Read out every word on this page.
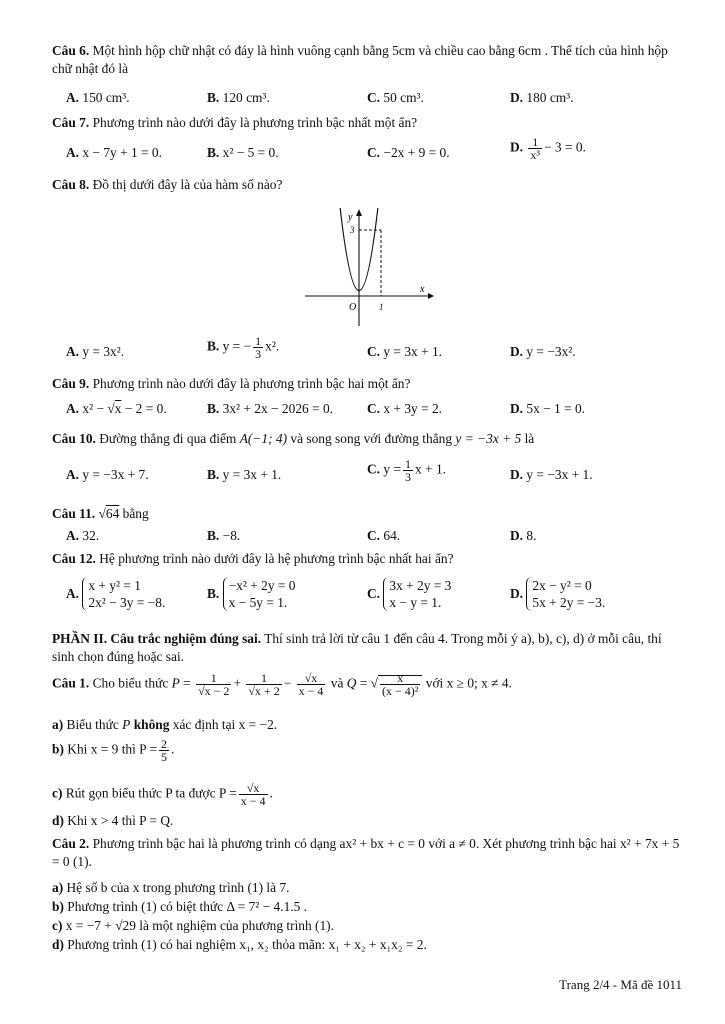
Câu 6. Một hình hộp chữ nhật có đáy là hình vuông cạnh bằng 5cm và chiều cao bằng 6cm . Thể tích của hình hộp chữ nhật đó là
A. 150 cm³.	B. 120 cm³.	C. 50 cm³.	D. 180 cm³.
Câu 7. Phương trình nào dưới đây là phương trình bậc nhất một ẩn?
A. x − 7y + 1 = 0.	B. x² − 5 = 0.	C. −2x + 9 = 0.	D. $\frac{1}{\text{x³}} - 3 = 0$.
Câu 8. Đồ thị dưới đây là của hàm số nào?
y
3
x
O	1
A. y = 3x².	B. y = − $\frac{1}{3} x^2$.	C. y = 3x + 1.	D. y = −3x².
Câu 9. Phương trình nào dưới đây là phương trình bậc hai một ẩn?
A. x² − √x − 2 = 0.	B. 3x² + 2x − 2026 = 0.	C. x + 3y = 2.	D. 5x − 1 = 0.
Câu 10. Đường thẳng đi qua điểm A(−1; 4) và song song với đường thẳng y = −3x + 5 là
A. y = −3x + 7.	B. y = 3x + 1.	C. $y = \frac{1}{3}$ x + 1.	D. y = −3x + 1.
Câu 11. √64 bằng
A. 32.	B. −8.	C. 64.	D. 8.
Câu 12. Hệ phương trình nào dưới đây là hệ phương trình bậc nhất hai ẩn?
A. x + y² = 1
2x² − 3y = −8.
B. −x² + 2y = 0
x − 5y = 1.
C. 3x + 2y = 3
x − y = 1.
D. 2x − y² = 0
5x + 2y = −3.
PHẦN II. Câu trắc nghiệm đúng sai. Thí sinh trả lời từ câu 1 đến câu 4. Trong mỗi ý a), b), c), d) ở mỗi câu, thí sinh chọn đúng hoặc sai.
Câu 1. Cho biểu thức $P = \frac{1}{√x - 2} + \frac{1}{√x + 2} - \frac{√x}{x - 4}$ và Q = √ $\frac{x}{\text{(x − 4)²}}$ với x ≥ 0; x ≠ 4.
a) Biểu thức P không xác định tại x = −2.
b) Khi x = 9 thì $P = \frac{2}{5}$ .
c) Rút gọn biểu thức P ta được $P = \frac{√x}{x - 4}$ .
d) Khi x > 4 thì P = Q.
Câu 2. Phương trình bậc hai là phương trình có dạng ax² + bx + c = 0 với a ≠ 0. Xét phương trình bậc hai x² + 7x + 5 = 0 (1).
a) Hệ số b của x trong phương trình (1) là 7.
b) Phương trình (1) có biệt thức Δ = 7² − 4.1.5 .
c) x = −7 + √29 là một nghiệm của phương trình (1).
d) Phương trình (1) có hai nghiệm x₁, x₂ thỏa mãn: x₁ + x₂ + x₁x₂ = 2.
Trang 2/4 - Mã đề 1011
